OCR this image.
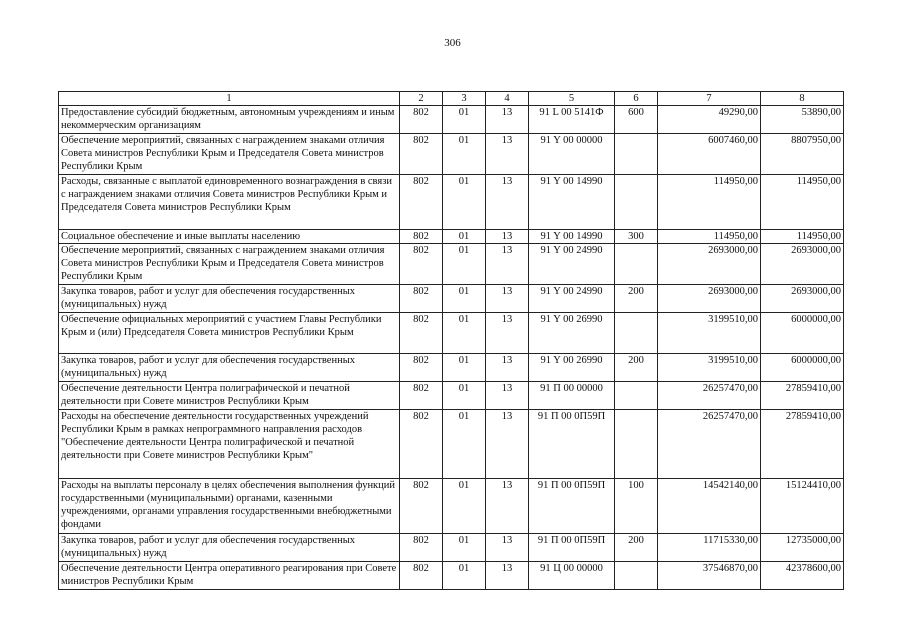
306
1	2	3	4	5	6	7	8
Предоставление субсидий бюджетным, автономным учреждениям и иным некоммерческим организациям	802	01	13	91 L 00 5141Ф	600	49290,00	53890,00
Обеспечение мероприятий, связанных с награждением знаками отличия Совета министров Республики Крым и Председателя Совета министров Республики Крым	802	01	13	91 Y 00 00000		6007460,00	8807950,00
Расходы, связанные с выплатой единовременного вознаграждения в связи с награждением знаками отличия Совета министров Республики Крым и Председателя Совета министров Республики Крым	802	01	13	91 Y 00 14990		114950,00	114950,00
Социальное обеспечение и иные выплаты населению	802	01	13	91 Y 00 14990	300	114950,00	114950,00
Обеспечение мероприятий, связанных с награждением знаками отличия Совета министров Республики Крым и Председателя Совета министров Республики Крым	802	01	13	91 Y 00 24990		2693000,00	2693000,00
Закупка товаров, работ и услуг для обеспечения государственных (муниципальных) нужд	802	01	13	91 Y 00 24990	200	2693000,00	2693000,00
Обеспечение официальных мероприятий с участием Главы Республики Крым и (или) Председателя Совета министров Республики Крым	802	01	13	91 Y 00 26990		3199510,00	6000000,00
Закупка товаров, работ и услуг для обеспечения государственных (муниципальных) нужд	802	01	13	91 Y 00 26990	200	3199510,00	6000000,00
Обеспечение деятельности Центра полиграфической и печатной деятельности при Совете министров Республики Крым	802	01	13	91 П 00 00000		26257470,00	27859410,00
Расходы на обеспечение деятельности государственных учреждений Республики Крым в рамках непрограммного направления расходов "Обеспечение деятельности Центра полиграфической и печатной деятельности при Совете министров Республики Крым"	802	01	13	91 П 00 0П59П		26257470,00	27859410,00
Расходы на выплаты персоналу в целях обеспечения выполнения функций государственными (муниципальными) органами, казенными учреждениями, органами управления государственными внебюджетными фондами	802	01	13	91 П 00 0П59П	100	14542140,00	15124410,00
Закупка товаров, работ и услуг для обеспечения государственных (муниципальных) нужд	802	01	13	91 П 00 0П59П	200	11715330,00	12735000,00
Обеспечение деятельности Центра оперативного реагирования при Совете министров Республики Крым	802	01	13	91 Ц 00 00000		37546870,00	42378600,00
